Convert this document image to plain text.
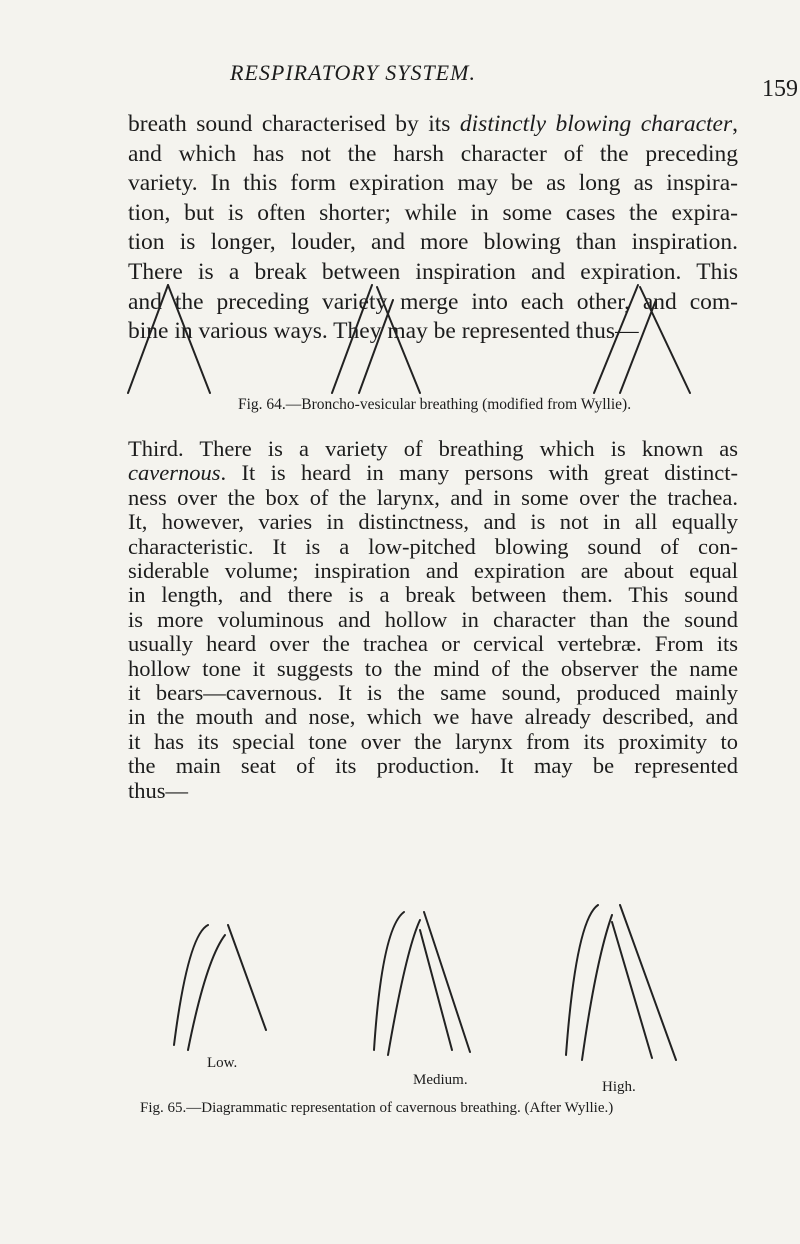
RESPIRATORY SYSTEM.
159

breath sound characterised by its distinctly blowing character,
and which has not the harsh character of the preceding
variety. In this form expiration may be as long as inspira-
tion, but is often shorter; while in some cases the expira-
tion is longer, louder, and more blowing than inspiration.
There is a break between inspiration and expiration. This
and the preceding variety merge into each other, and com-
bine in various ways. They may be represented thus—

Fig. 64.—Broncho-vesicular breathing (modified from Wyllie).

Third. There is a variety of breathing which is known as
cavernous. It is heard in many persons with great distinct-
ness over the box of the larynx, and in some over the trachea.
It, however, varies in distinctness, and is not in all equally
characteristic. It is a low-pitched blowing sound of con-
siderable volume; inspiration and expiration are about equal
in length, and there is a break between them. This sound
is more voluminous and hollow in character than the sound
usually heard over the trachea or cervical vertebræ. From its
hollow tone it suggests to the mind of the observer the name
it bears—cavernous. It is the same sound, produced mainly
in the mouth and nose, which we have already described, and
it has its special tone over the larynx from its proximity to
the main seat of its production. It may be represented
thus—

Low.
Medium.	High.
Fig. 65.—Diagrammatic representation of cavernous breathing. (After Wyllie.)
